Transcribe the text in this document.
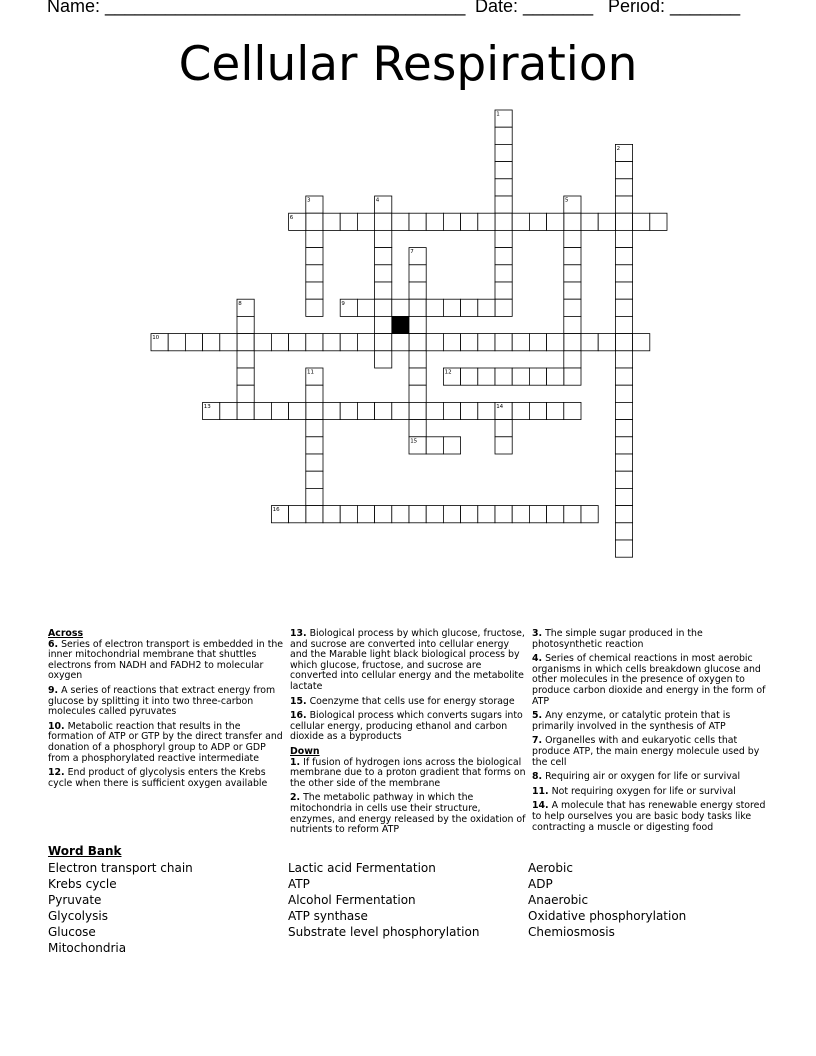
Name: ____________________________________ Date: _______ Period: _______
Cellular Respiration
1
2
3	4	5
6
7
8	9
10
11	12
13	14
15
16
Across

6. Series of electron transport is embedded in the inner mitochondrial membrane that shuttles electrons from NADH and FADH2 to molecular oxygen

9. A series of reactions that extract energy from glucose by splitting it into two three-carbon molecules called pyruvates

10. Metabolic reaction that results in the formation of ATP or GTP by the direct transfer and donation of a phosphoryl group to ADP or GDP from a phosphorylated reactive intermediate

12. End product of glycolysis enters the Krebs cycle when there is sufficient oxygen available

13. Biological process by which glucose, fructose, and sucrose are converted into cellular energy and the Marable light black biological process by which glucose, fructose, and sucrose are converted into cellular energy and the metabolite lactate

15. Coenzyme that cells use for energy storage

16. Biological process which converts sugars into cellular energy, producing ethanol and carbon dioxide as a byproducts

Down

1. If fusion of hydrogen ions across the biological membrane due to a proton gradient that forms on the other side of the membrane

2. The metabolic pathway in which the mitochondria in cells use their structure, enzymes, and energy released by the oxidation of nutrients to reform ATP

3. The simple sugar produced in the photosynthetic reaction

4. Series of chemical reactions in most aerobic organisms in which cells breakdown glucose and other molecules in the presence of oxygen to produce carbon dioxide and energy in the form of ATP

5. Any enzyme, or catalytic protein that is primarily involved in the synthesis of ATP

7. Organelles with and eukaryotic cells that produce ATP, the main energy molecule used by the cell

8. Requiring air or oxygen for life or survival

11. Not requiring oxygen for life or survival

14. A molecule that has renewable energy stored to help ourselves you are basic body tasks like contracting a muscle or digesting food

Word Bank
Electron transport chain
Krebs cycle
Pyruvate
Glycolysis
Glucose
Mitochondria
Lactic acid Fermentation
ATP
Alcohol Fermentation
ATP synthase
Substrate level phosphorylation
Aerobic
ADP
Anaerobic
Oxidative phosphorylation
Chemiosmosis
